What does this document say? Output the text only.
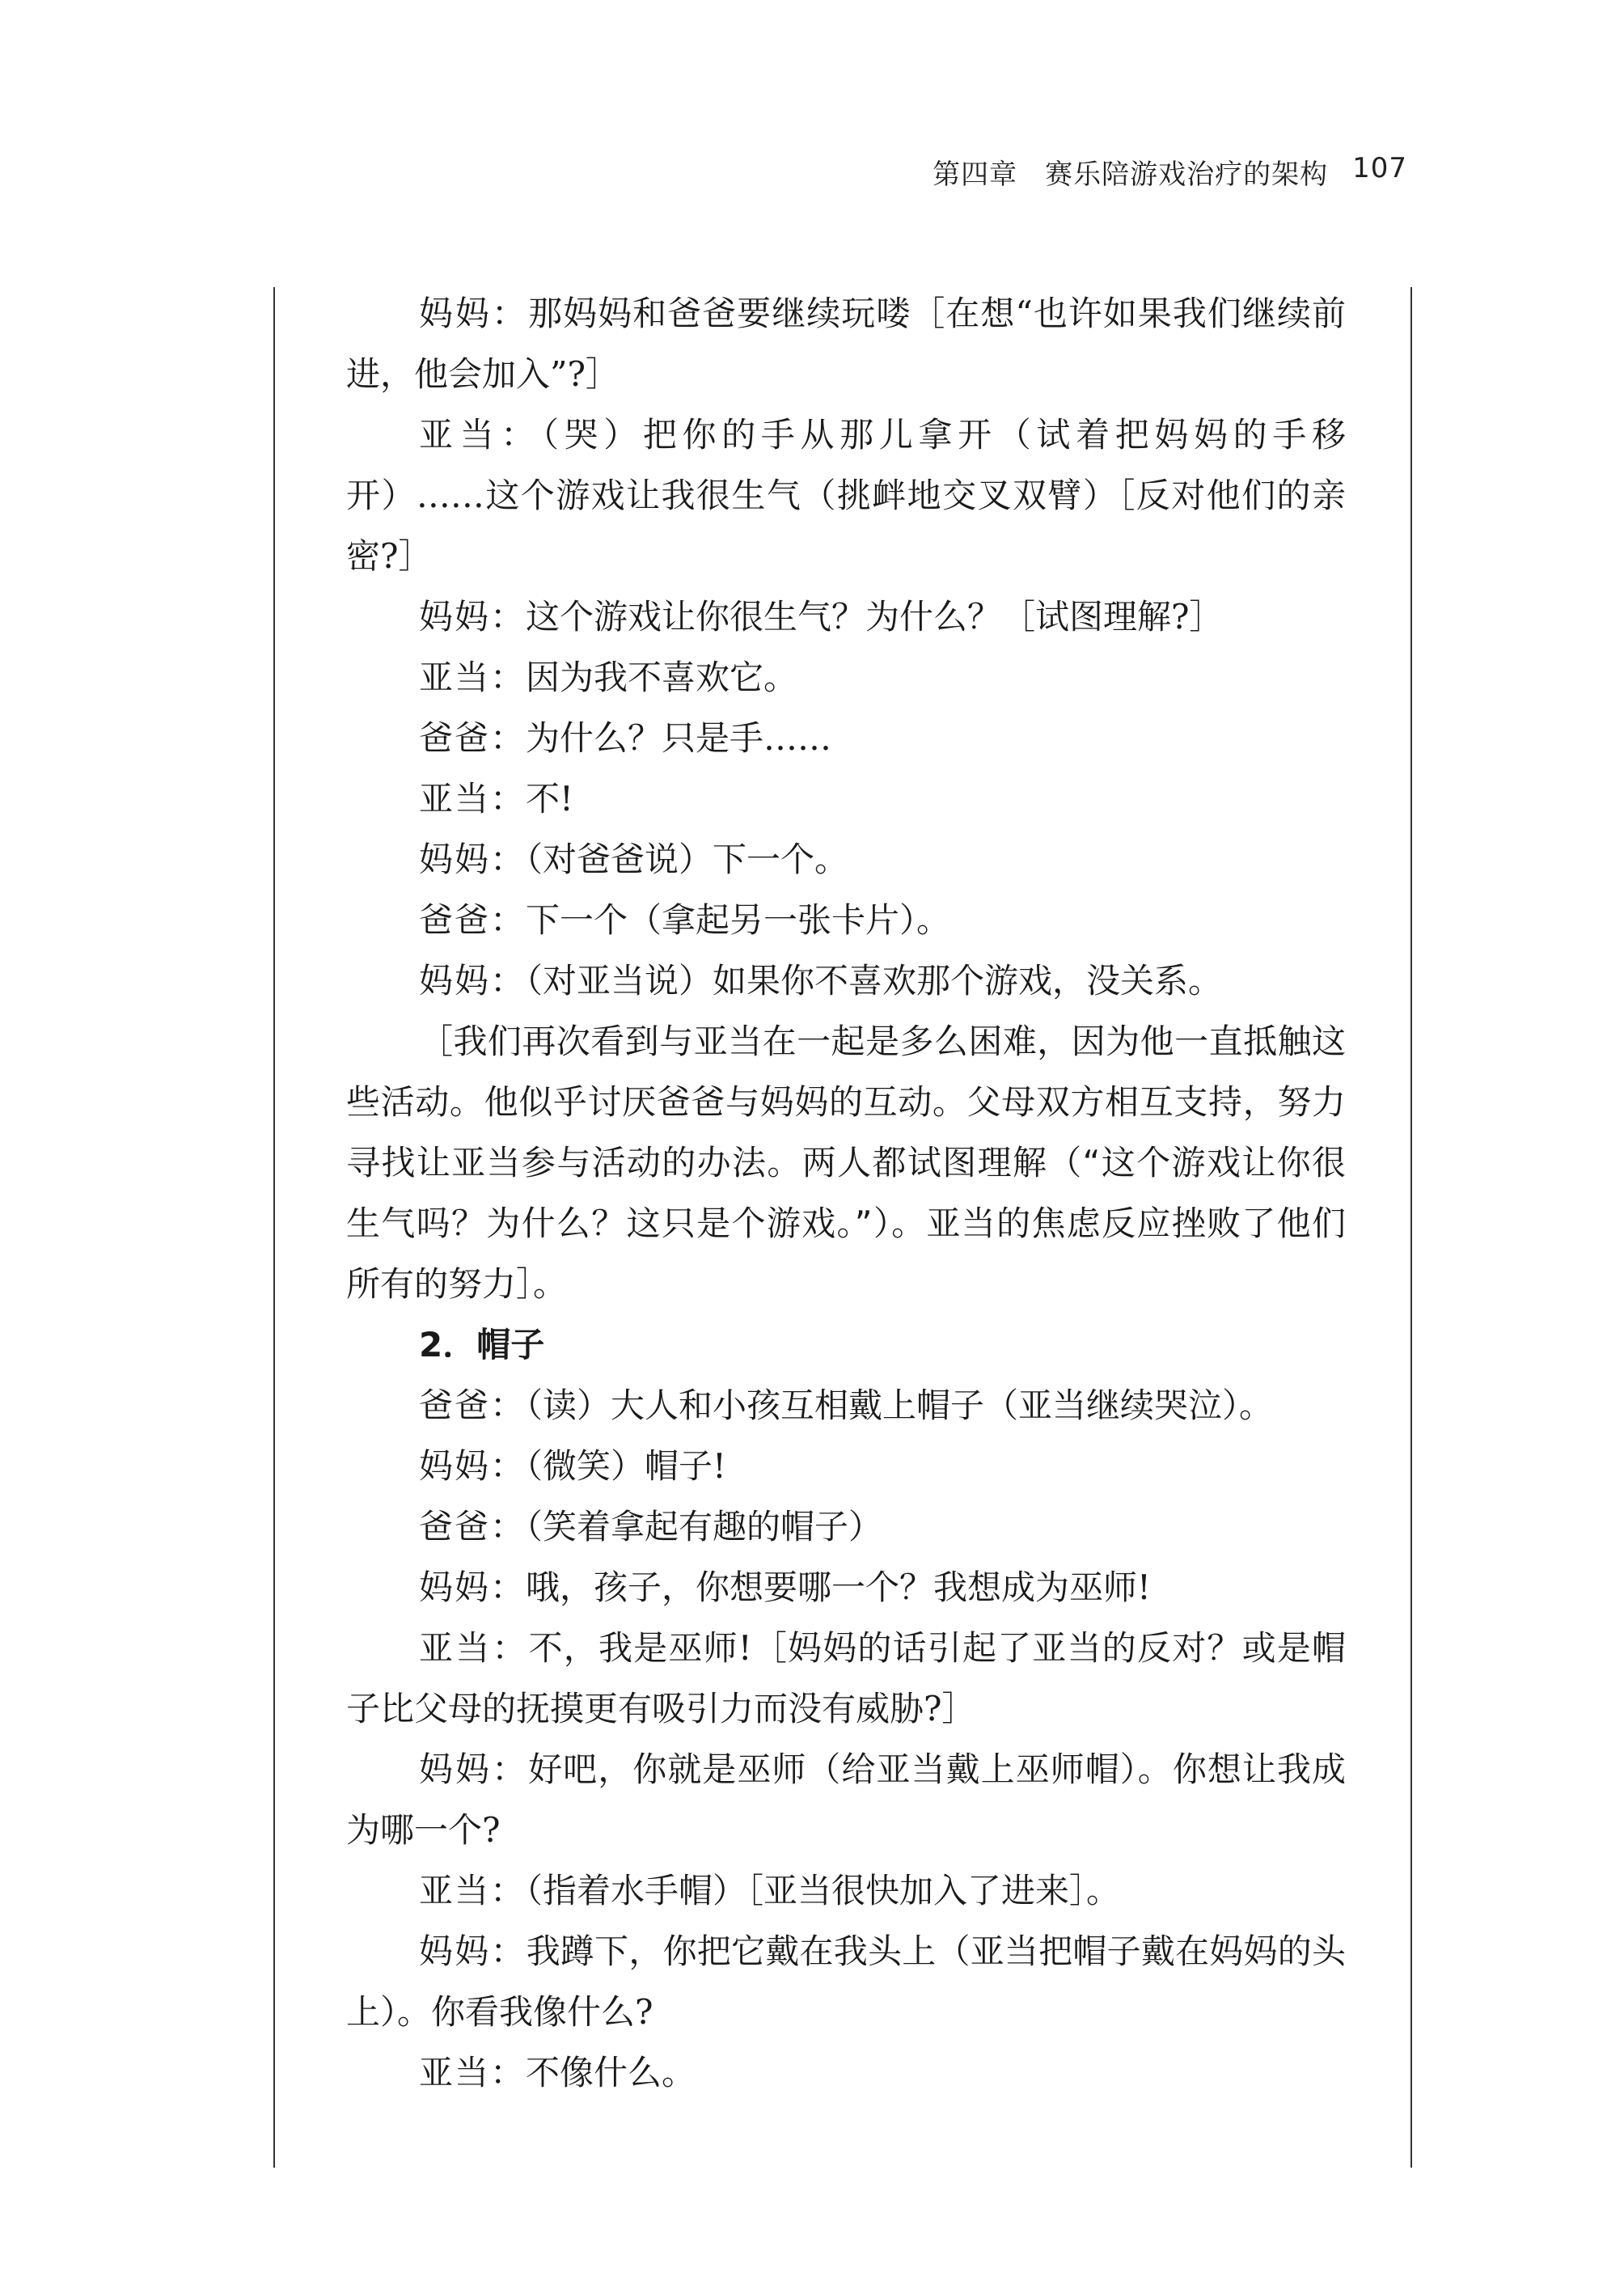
第四章 赛乐陪游戏治疗的架构 107

妈妈：那妈妈和爸爸要继续玩喽［在想“也许如果我们继续前进，他会加入”?］

亚当：（哭）把你的手从那儿拿开（试着把妈妈的手移开）……这个游戏让我很生气（挑衅地交叉双臂）［反对他们的亲密?］

妈妈：这个游戏让你很生气？为什么？［试图理解?］

亚当：因为我不喜欢它。

爸爸：为什么？只是手……

亚当：不!

妈妈：（对爸爸说）下一个。

爸爸：下一个（拿起另一张卡片）。

妈妈：（对亚当说）如果你不喜欢那个游戏，没关系。

［我们再次看到与亚当在一起是多么困难，因为他一直抵触这些活动。他似乎讨厌爸爸与妈妈的互动。父母双方相互支持，努力寻找让亚当参与活动的办法。两人都试图理解（“这个游戏让你很生气吗？为什么？这只是个游戏。”）。亚当的焦虑反应挫败了他们所有的努力］。

2．帽子

爸爸：（读）大人和小孩互相戴上帽子（亚当继续哭泣）。

妈妈：（微笑）帽子!

爸爸：（笑着拿起有趣的帽子）

妈妈：哦，孩子，你想要哪一个？我想成为巫师!

亚当：不，我是巫师!［妈妈的话引起了亚当的反对？或是帽子比父母的抚摸更有吸引力而没有威胁?］

妈妈：好吧，你就是巫师（给亚当戴上巫师帽）。你想让我成为哪一个?

亚当：（指着水手帽）［亚当很快加入了进来］。

妈妈：我蹲下，你把它戴在我头上（亚当把帽子戴在妈妈的头上）。你看我像什么?

亚当：不像什么。
